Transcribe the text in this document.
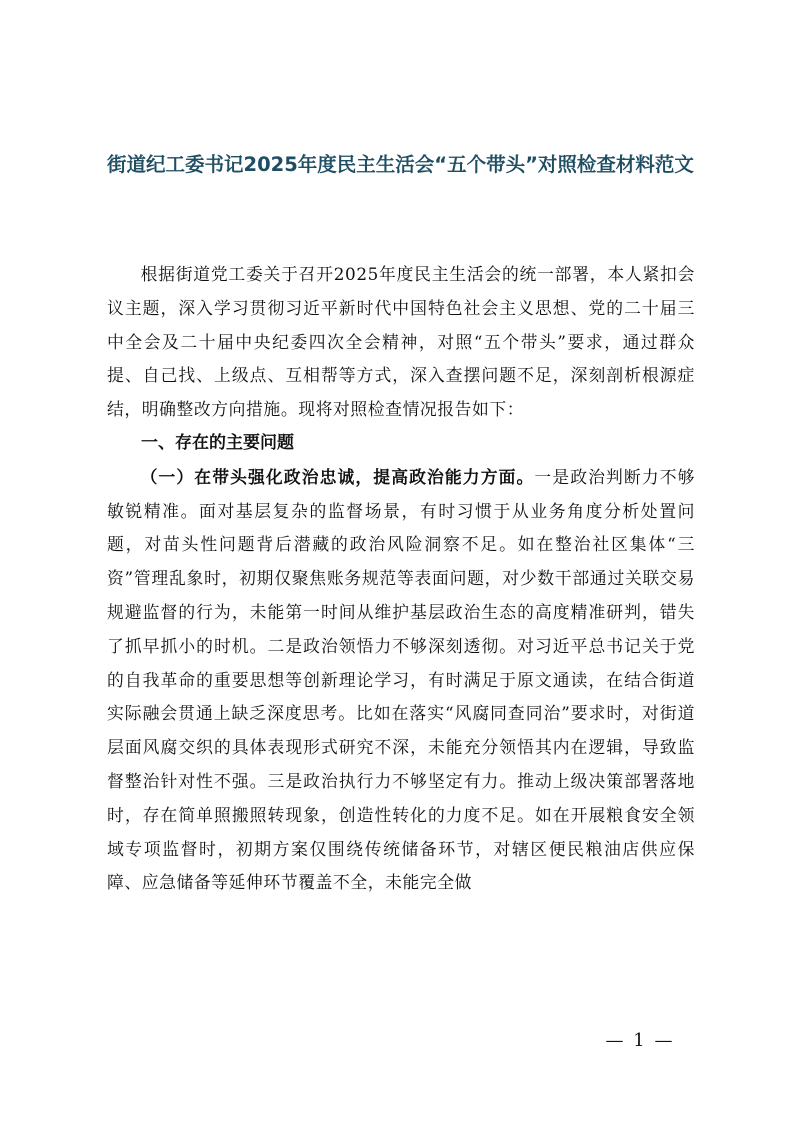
街道纪工委书记2025年度民主生活会“五个带头”对照检查材料范文

根据街道党工委关于召开2025年度民主生活会的统一部署，本人紧扣会议主题，深入学习贯彻习近平新时代中国特色社会主义思想、党的二十届三中全会及二十届中央纪委四次全会精神，对照“五个带头”要求，通过群众提、自己找、上级点、互相帮等方式，深入查摆问题不足，深刻剖析根源症结，明确整改方向措施。现将对照检查情况报告如下：

一、存在的主要问题

（一）在带头强化政治忠诚，提高政治能力方面。一是政治判断力不够敏锐精准。面对基层复杂的监督场景，有时习惯于从业务角度分析处置问题，对苗头性问题背后潜藏的政治风险洞察不足。如在整治社区集体“三资”管理乱象时，初期仅聚焦账务规范等表面问题，对少数干部通过关联交易规避监督的行为，未能第一时间从维护基层政治生态的高度精准研判，错失了抓早抓小的时机。二是政治领悟力不够深刻透彻。对习近平总书记关于党的自我革命的重要思想等创新理论学习，有时满足于原文通读，在结合街道实际融会贯通上缺乏深度思考。比如在落实“风腐同查同治”要求时，对街道层面风腐交织的具体表现形式研究不深，未能充分领悟其内在逻辑，导致监督整治针对性不强。三是政治执行力不够坚定有力。推动上级决策部署落地时，存在简单照搬照转现象，创造性转化的力度不足。如在开展粮食安全领域专项监督时，初期方案仅围绕传统储备环节，对辖区便民粮油店供应保障、应急储备等延伸环节覆盖不全，未能完全做

— 1 —
